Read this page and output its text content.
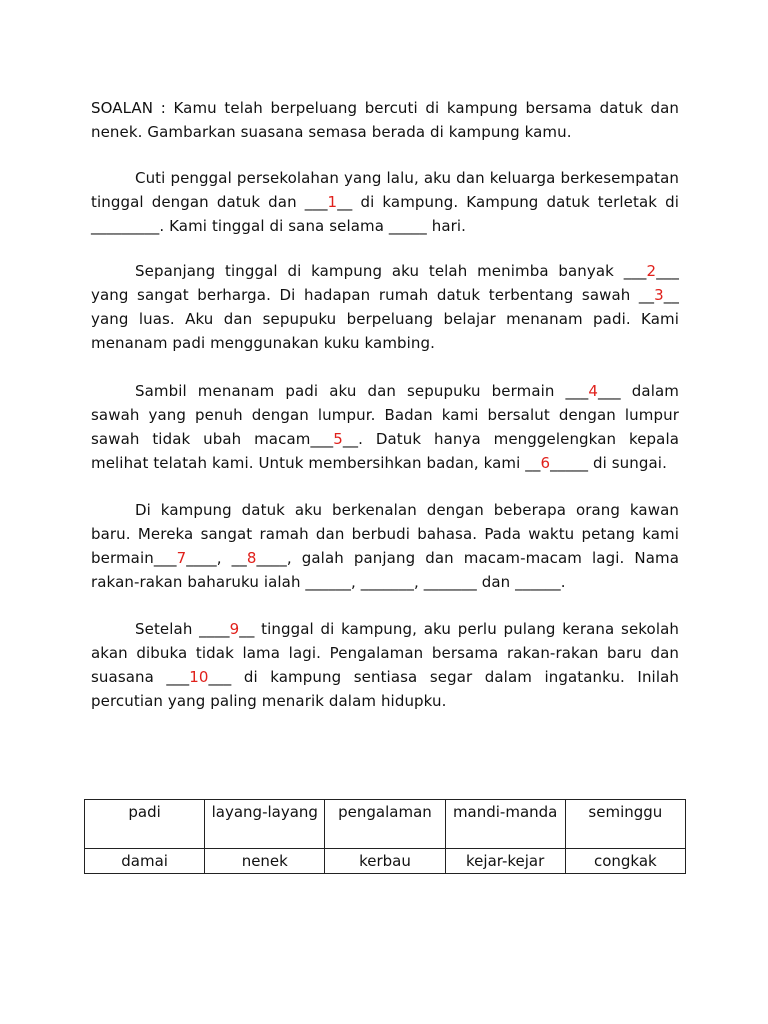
SOALAN : Kamu telah berpeluang bercuti di kampung bersama datuk dan nenek. Gambarkan suasana semasa berada di kampung kamu.

Cuti penggal persekolahan yang lalu, aku dan keluarga berkesempatan tinggal dengan datuk dan ___1__ di kampung. Kampung datuk terletak di _________. Kami tinggal di sana selama _____ hari.

Sepanjang tinggal di kampung aku telah menimba banyak ___2___ yang sangat berharga. Di hadapan rumah datuk terbentang sawah __3__ yang luas. Aku dan sepupuku berpeluang belajar menanam padi. Kami menanam padi menggunakan kuku kambing.

Sambil menanam padi aku dan sepupuku bermain ___4___ dalam sawah yang penuh dengan lumpur. Badan kami bersalut dengan lumpur sawah tidak ubah macam___5__. Datuk hanya menggelengkan kepala melihat telatah kami. Untuk membersihkan badan, kami __6_____ di sungai.

Di kampung datuk aku berkenalan dengan beberapa orang kawan baru. Mereka sangat ramah dan berbudi bahasa. Pada waktu petang kami bermain___7____, __8____, galah panjang dan macam-macam lagi. Nama rakan-rakan baharuku ialah ______, _______, _______ dan ______.

Setelah ____9__ tinggal di kampung, aku perlu pulang kerana sekolah akan dibuka tidak lama lagi. Pengalaman bersama rakan-rakan baru dan suasana ___10___ di kampung sentiasa segar dalam ingatanku. Inilah percutian yang paling menarik dalam hidupku.

padi	layang-layang	pengalaman	mandi-manda	seminggu
damai	nenek	kerbau	kejar-kejar	congkak
